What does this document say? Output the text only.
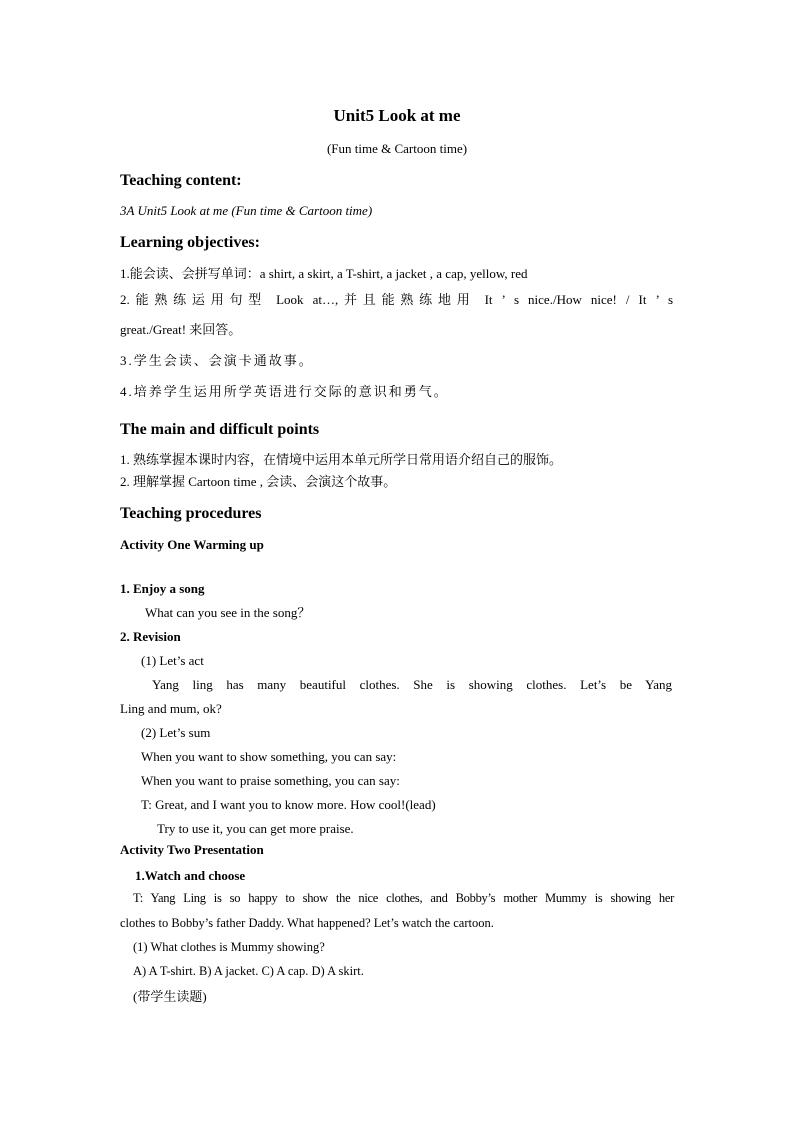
Unit5 Look at me
(Fun time & Cartoon time)
Teaching content:
3A Unit5 Look at me (Fun time & Cartoon time)
Learning objectives:
1.能会读、会拼写单词：a shirt, a skirt, a T-shirt, a jacket , a cap, yellow, red
2.能熟练运用句型 Look at…,并且能熟练地用 It ’ s nice./How nice! / It ’ s
great./Great! 来回答。
3.学生会读、会演卡通故事。
4.培养学生运用所学英语进行交际的意识和勇气。
The main and difficult points
1. 熟练掌握本课时内容，在情境中运用本单元所学日常用语介绍自己的服饰。
2. 理解掌握 Cartoon time , 会读、会演这个故事。
Teaching procedures
Activity One Warming up
1. Enjoy a song
What can you see in the song？
2. Revision
(1) Let’s act
Yang ling has many beautiful clothes. She is showing clothes. Let’s be Yang
Ling and mum, ok?
(2) Let’s sum
When you want to show something, you can say:
When you want to praise something, you can say:
T: Great, and I want you to know more. How cool!(lead)
Try to use it, you can get more praise.
Activity Two Presentation
1.Watch and choose
T: Yang Ling is so happy to show the nice clothes, and Bobby’s mother Mummy is showing her
clothes to Bobby’s father Daddy. What happened? Let’s watch the cartoon.
(1) What clothes is Mummy showing?
A) A T-shirt. B) A jacket. C) A cap. D) A skirt.
(带学生读题)
